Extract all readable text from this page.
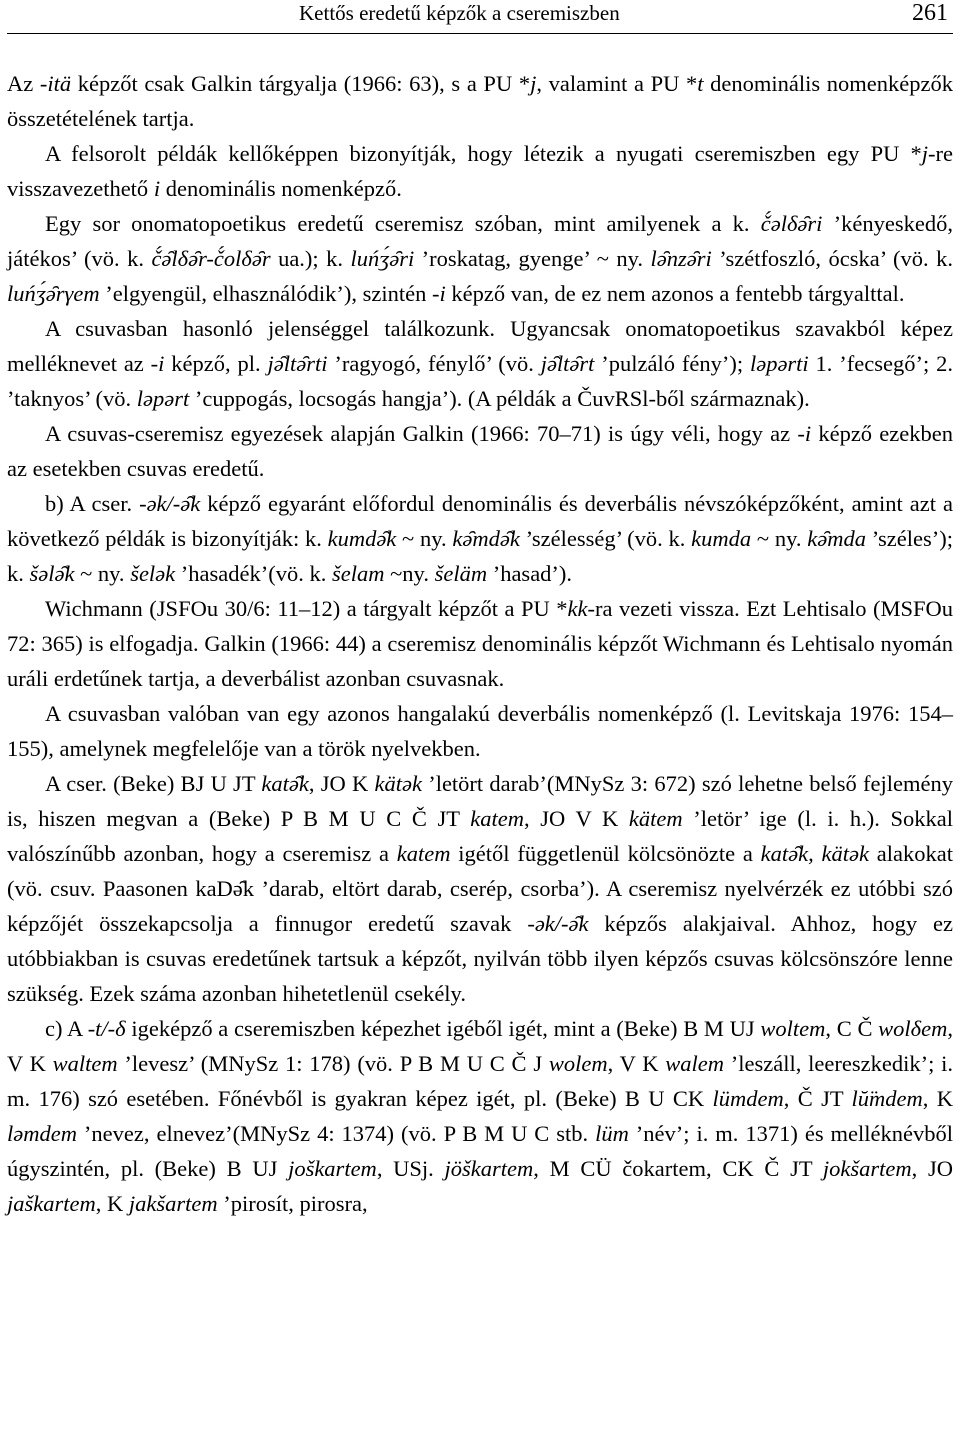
Kettős eredetű képzők a cseremiszben	261

Az -itä képzőt csak Galkin tárgyalja (1966: 63), s a PU *j, valamint a PU *t denominális nomenképzők összetételének tartja.

A felsorolt példák kellőképpen bizonyítják, hogy létezik a nyugati cseremiszben egy PU *j-re visszavezethető i denominális nomenképző.

Egy sor onomatopoetikus eredetű cseremisz szóban, mint amilyenek a k. č́əlδə̑ri ’kényeskedő, játékos’ (vö. k. č́ə̑lδə̑r-č́olδə̑r ua.); k. luńʒ́ə̑ri ’roskatag, gyenge’ ~ ny. lə̑nzə̑ri ’szétfoszló, ócska’ (vö. k. luńʒ́ə̑rγem ’elgyengül, elhasználódik’), szintén -i képző van, de ez nem azonos a fentebb tárgyalttal.

A csuvasban hasonló jelenséggel találkozunk. Ugyancsak onomatopoetikus szavakból képez melléknevet az -i képző, pl. jə̑ltə̑rti ’ragyogó, fénylő’ (vö. jə̑ltə̑rt ’pulzáló fény’); ləpərti 1. ’fecsegő’; 2. ’taknyos’ (vö. ləpərt ’cuppogás, locsogás hangja’). (A példák a ČuvRSl-ből származnak).

A csuvas-cseremisz egyezések alapján Galkin (1966: 70–71) is úgy véli, hogy az -i képző ezekben az esetekben csuvas eredetű.

b) A cser. -ək/-ə̑k képző egyaránt előfordul denominális és deverbális névszóképzőként, amint azt a következő példák is bizonyítják: k. kumdə̑k ~ ny. kə̑mdə̑k ’szélesség’ (vö. k. kumda ~ ny. kə̑mda ’széles’); k. šələ̑k ~ ny. šelək ’hasadék’(vö. k. šelam ~ny. šeläm ’hasad’).

Wichmann (JSFOu 30/6: 11–12) a tárgyalt képzőt a PU *kk-ra vezeti vissza. Ezt Lehtisalo (MSFOu 72: 365) is elfogadja. Galkin (1966: 44) a cseremisz denominális képzőt Wichmann és Lehtisalo nyomán uráli erdetűnek tartja, a deverbálist azonban csuvasnak.

A csuvasban valóban van egy azonos hangalakú deverbális nomenképző (l. Levitskaja 1976: 154–155), amelynek megfelelője van a török nyelvekben.

A cser. (Beke) BJ U JT katə̑k, JO K kätək ’letört darab’(MNySz 3: 672) szó lehetne belső fejlemény is, hiszen megvan a (Beke) P B M U C Č JT katem, JO V K kätem ’letör’ ige (l. i. h.). Sokkal valószínűbb azonban, hogy a cseremisz a katem igétől függetlenül kölcsönözte a katə̑k, kätək alakokat (vö. csuv. Paasonen kaDə̑k ’darab, eltört darab, cserép, csorba’). A cseremisz nyelvérzék ez utóbbi szó képzőjét összekapcsolja a finnugor eredetű szavak -ək/-ə̑k képzős alakjaival. Ahhoz, hogy ez utóbbiakban is csuvas eredetűnek tartsuk a képzőt, nyilván több ilyen képzős csuvas kölcsönszóre lenne szükség. Ezek száma azonban hihetetlenül csekély.

c) A -t/-δ igeképző a cseremiszben képezhet igéből igét, mint a (Beke) B M UJ woltem, C Č wolδem, V K waltem ’levesz’ (MNySz 1: 178) (vö. P B M U C Č J wolem, V K walem ’leszáll, leereszkedik’; i. m. 176) szó esetében. Főnévből is gyakran képez igét, pl. (Beke) B U CK lümdem, Č JT lŭ̈mdem, K ləmdem ’nevez, elnevez’(MNySz 4: 1374) (vö. P B M U C stb. lüm ’név’; i. m. 1371) és melléknévből úgyszintén, pl. (Beke) B UJ joškartem, USj. jöškartem, M CÜ čokartem, CK Č JT jokšartem, JO jaškartem, K jakšartem ’pirosít, pirosra,
